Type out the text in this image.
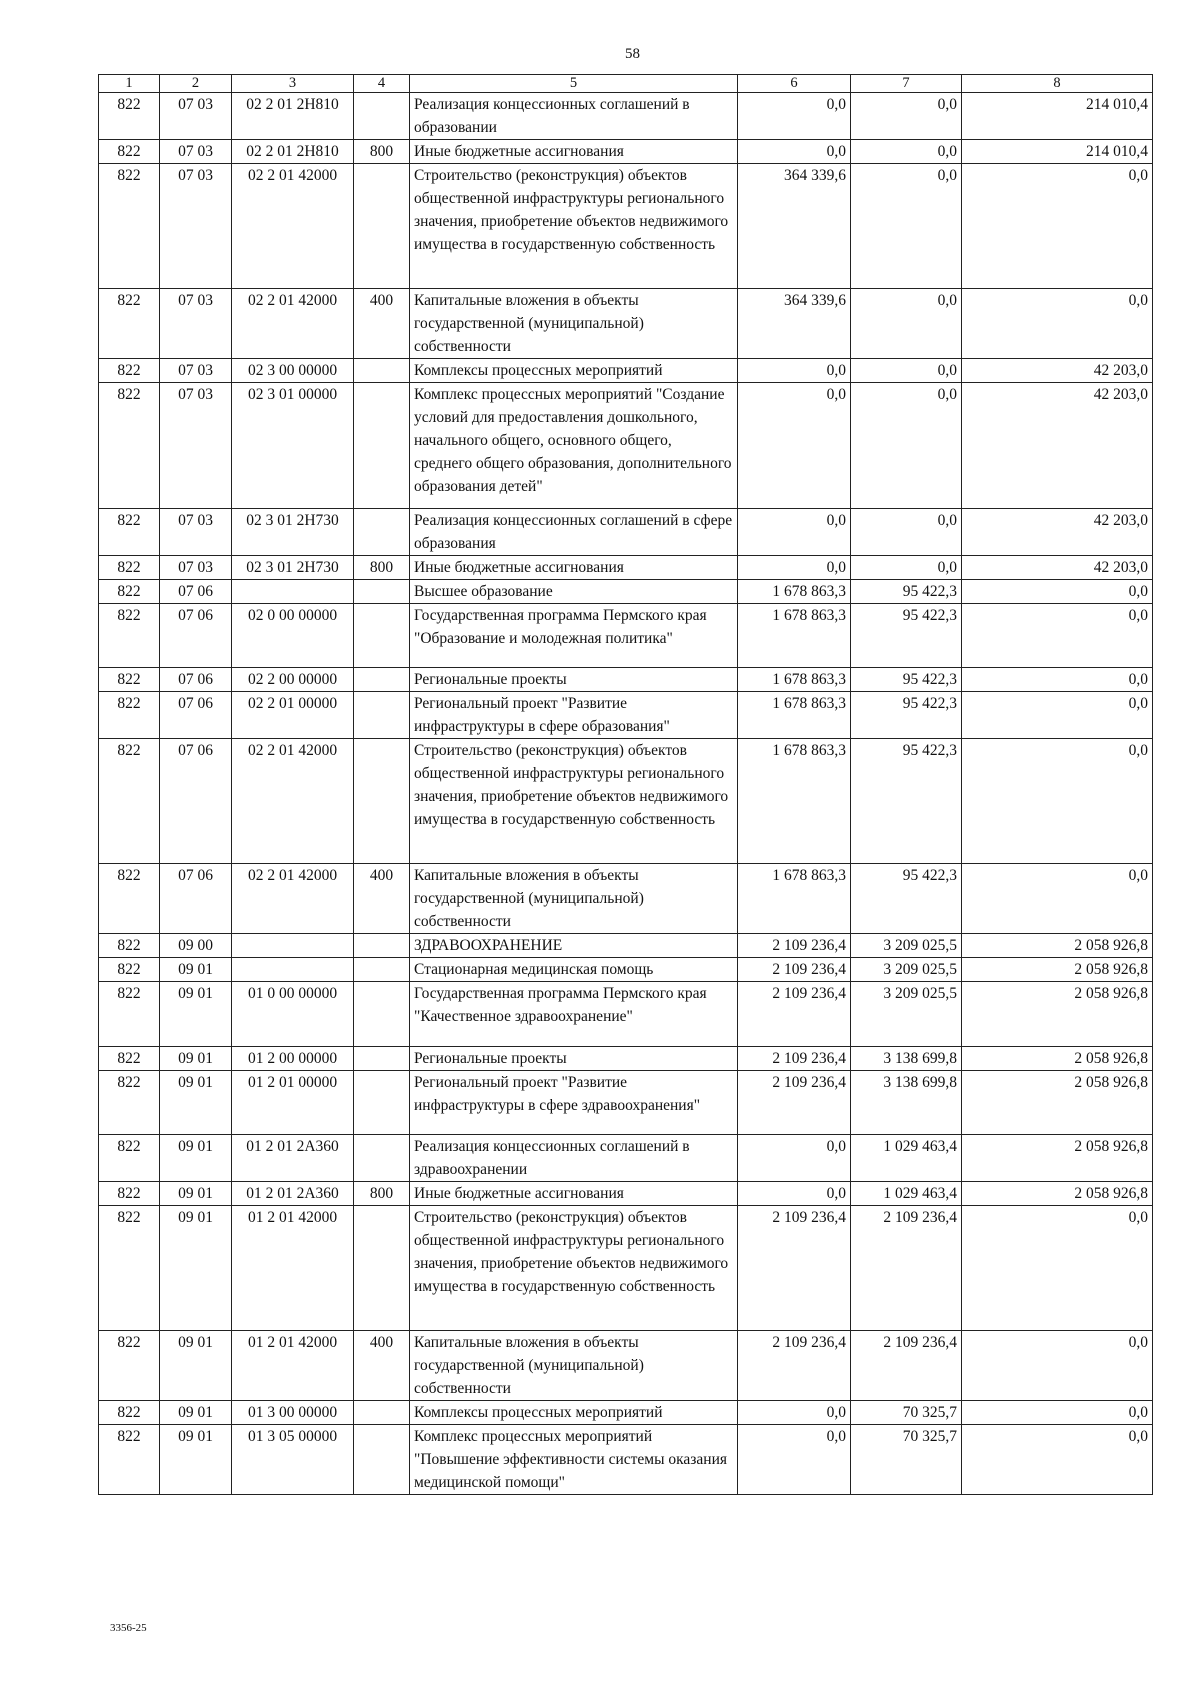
58
1	2	3	4	5	6	7	8
822	07 03	02 2 01 2Н810		Реализация концессионных соглашений в образовании	0,0	0,0	214 010,4
822	07 03	02 2 01 2Н810	800	Иные бюджетные ассигнования	0,0	0,0	214 010,4
822	07 03	02 2 01 42000		Строительство (реконструкция) объектов общественной инфраструктуры регионального значения, приобретение объектов недвижимого имущества в государственную собственность	364 339,6	0,0	0,0
822	07 03	02 2 01 42000	400	Капитальные вложения в объекты государственной (муниципальной) собственности	364 339,6	0,0	0,0
822	07 03	02 3 00 00000		Комплексы процессных мероприятий	0,0	0,0	42 203,0
822	07 03	02 3 01 00000		Комплекс процессных мероприятий "Создание условий для предоставления дошкольного, начального общего, основного общего, среднего общего образования, дополнительного образования детей"	0,0	0,0	42 203,0
822	07 03	02 3 01 2Н730		Реализация концессионных соглашений в сфере образования	0,0	0,0	42 203,0
822	07 03	02 3 01 2Н730	800	Иные бюджетные ассигнования	0,0	0,0	42 203,0
822	07 06			Высшее образование	1 678 863,3	95 422,3	0,0
822	07 06	02 0 00 00000		Государственная программа Пермского края "Образование и молодежная политика"	1 678 863,3	95 422,3	0,0
822	07 06	02 2 00 00000		Региональные проекты	1 678 863,3	95 422,3	0,0
822	07 06	02 2 01 00000		Региональный проект "Развитие инфраструктуры в сфере образования"	1 678 863,3	95 422,3	0,0
822	07 06	02 2 01 42000		Строительство (реконструкция) объектов общественной инфраструктуры регионального значения, приобретение объектов недвижимого имущества в государственную собственность	1 678 863,3	95 422,3	0,0
822	07 06	02 2 01 42000	400	Капитальные вложения в объекты государственной (муниципальной) собственности	1 678 863,3	95 422,3	0,0
822	09 00			ЗДРАВООХРАНЕНИЕ	2 109 236,4	3 209 025,5	2 058 926,8
822	09 01			Стационарная медицинская помощь	2 109 236,4	3 209 025,5	2 058 926,8
822	09 01	01 0 00 00000		Государственная программа Пермского края "Качественное здравоохранение"	2 109 236,4	3 209 025,5	2 058 926,8
822	09 01	01 2 00 00000		Региональные проекты	2 109 236,4	3 138 699,8	2 058 926,8
822	09 01	01 2 01 00000		Региональный проект "Развитие инфраструктуры в сфере здравоохранения"	2 109 236,4	3 138 699,8	2 058 926,8
822	09 01	01 2 01 2А360		Реализация концессионных соглашений в здравоохранении	0,0	1 029 463,4	2 058 926,8
822	09 01	01 2 01 2А360	800	Иные бюджетные ассигнования	0,0	1 029 463,4	2 058 926,8
822	09 01	01 2 01 42000		Строительство (реконструкция) объектов общественной инфраструктуры регионального значения, приобретение объектов недвижимого имущества в государственную собственность	2 109 236,4	2 109 236,4	0,0
822	09 01	01 2 01 42000	400	Капитальные вложения в объекты государственной (муниципальной) собственности	2 109 236,4	2 109 236,4	0,0
822	09 01	01 3 00 00000		Комплексы процессных мероприятий	0,0	70 325,7	0,0
822	09 01	01 3 05 00000		Комплекс процессных мероприятий "Повышение эффективности системы оказания медицинской помощи"	0,0	70 325,7	0,0
3356-25
